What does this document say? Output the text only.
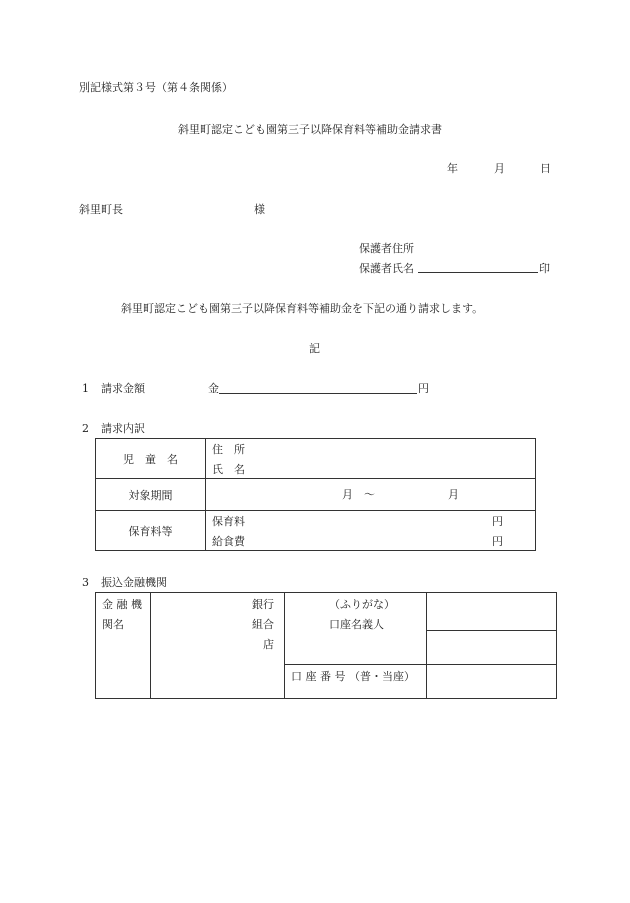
別記様式第３号（第４条関係）
斜里町認定こども園第三子以降保育料等補助金請求書
年	月	日
斜里町長	様
保護者住所
保護者氏名	印
斜里町認定こども園第三子以降保育料等補助金を下記の通り請求します。
記
1 請求金額	金	円
2 請求内訳
児　童　名	住　所
氏　名

対象期間	月　～ 月

保育料等	保育料 円
給食費 円
3 振込金融機関
金 融 機
関名	銀行
組合
店	（ふりがな）
口座名義人	

		口 座 番 号 （普・当座）	
